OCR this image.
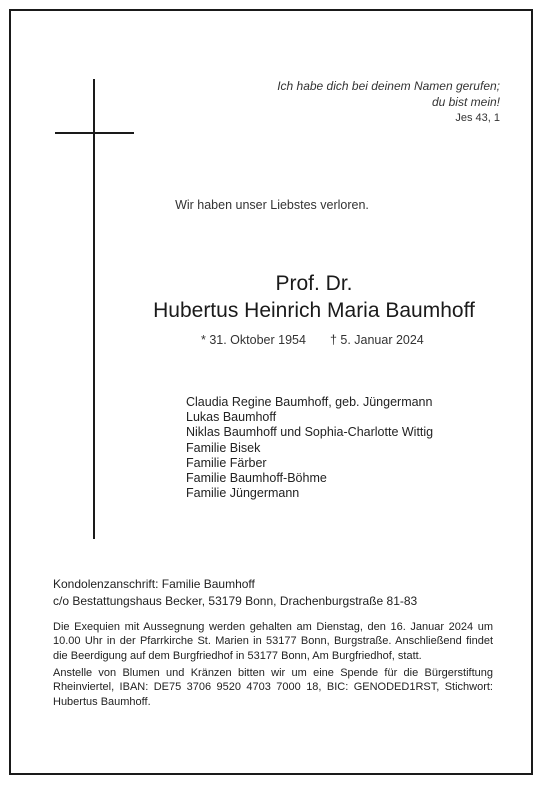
Ich habe dich bei deinem Namen gerufen;
du bist mein!
Jes 43, 1
Wir haben unser Liebstes verloren.
Prof. Dr.
Hubertus Heinrich Maria Baumhoff
* 31. Oktober 1954 † 5. Januar 2024
Claudia Regine Baumhoff, geb. Jüngermann
Lukas Baumhoff
Niklas Baumhoff und Sophia-Charlotte Wittig
Familie Bisek
Familie Färber
Familie Baumhoff-Böhme
Familie Jüngermann
Kondolenzanschrift: Familie Baumhoff
c/o Bestattungshaus Becker, 53179 Bonn, Drachenburgstraße 81-83
Die Exequien mit Aussegnung werden gehalten am Dienstag, den 16. Januar 2024 um 10.00 Uhr in der Pfarrkirche St. Marien in 53177 Bonn, Burgstraße. Anschließend findet die Beerdigung auf dem Burgfriedhof in 53177 Bonn, Am Burgfriedhof, statt.
Anstelle von Blumen und Kränzen bitten wir um eine Spende für die Bürgerstiftung Rheinviertel, IBAN: DE75 3706 9520 4703 7000 18, BIC: GENODED1RST, Stichwort: Hubertus Baumhoff.
